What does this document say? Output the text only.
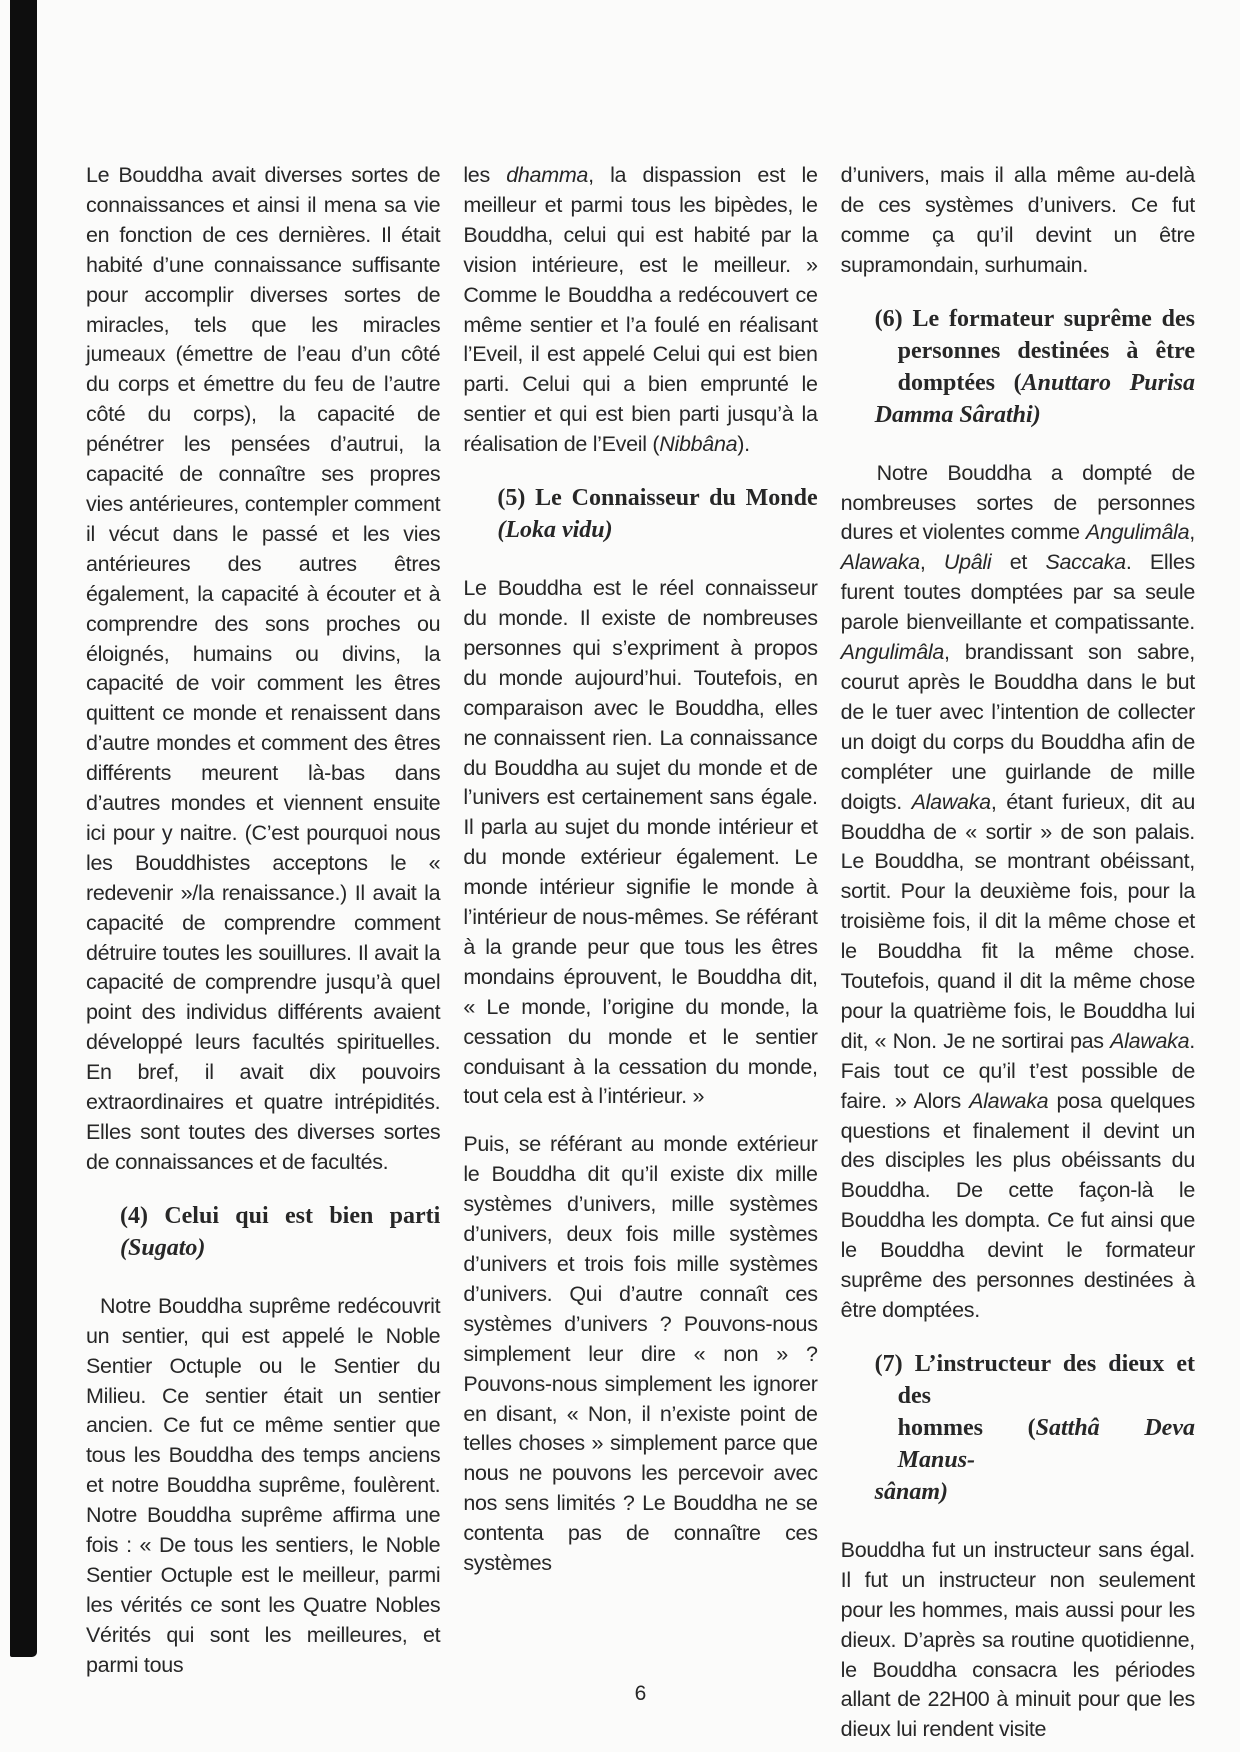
Le Bouddha avait diverses sortes de connaissances et ainsi il mena sa vie en fonction de ces dernières. Il était habité d’une connaissance suffisante pour accomplir diverses sortes de miracles, tels que les miracles jumeaux (émettre de l’eau d’un côté du corps et émettre du feu de l’autre côté du corps), la capacité de pénétrer les pensées d’autrui, la capacité de connaître ses propres vies antérieures, contempler comment il vécut dans le passé et les vies antérieures des autres êtres également, la capacité à écouter et à comprendre des sons proches ou éloignés, humains ou divins, la capacité de voir comment les êtres quittent ce monde et renaissent dans d’autre mondes et comment des êtres différents meurent là-bas dans d’autres mondes et viennent ensuite ici pour y naitre. (C’est pourquoi nous les Bouddhistes acceptons le « redevenir »/la renaissance.) Il avait la capacité de comprendre comment détruire toutes les souillures. Il avait la capacité de comprendre jusqu’à quel point des individus différents avaient développé leurs facultés spirituelles. En bref, il avait dix pouvoirs extraordinaires et quatre intrépidités. Elles sont toutes des diverses sortes de connaissances et de facultés.
(4) Celui qui est bien parti
(Sugato)
Notre Bouddha suprême redécouvrit un sentier, qui est appelé le Noble Sentier Octuple ou le Sentier du Milieu. Ce sentier était un sentier ancien. Ce fut ce même sentier que tous les Bouddha des temps anciens et notre Bouddha suprême, foulèrent. Notre Bouddha suprême affirma une fois : « De tous les sentiers, le Noble Sentier Octuple est le meilleur, parmi les vérités ce sont les Quatre Nobles Vérités qui sont les meilleures, et parmi tous
les dhamma, la dispassion est le meilleur et parmi tous les bipèdes, le Bouddha, celui qui est habité par la vision intérieure, est le meilleur. » Comme le Bouddha a redécouvert ce même sentier et l’a foulé en réalisant l’Eveil, il est appelé Celui qui est bien parti. Celui qui a bien emprunté le sentier et qui est bien parti jusqu’à la réalisation de l’Eveil (Nibbâna).
(5) Le Connaisseur du Monde
(Loka vidu)
Le Bouddha est le réel connaisseur du monde. Il existe de nombreuses personnes qui s’expriment à propos du monde aujourd’hui. Toutefois, en comparaison avec le Bouddha, elles ne connaissent rien. La connaissance du Bouddha au sujet du monde et de l’univers est certainement sans égale. Il parla au sujet du monde intérieur et du monde extérieur également. Le monde intérieur signifie le monde à l’intérieur de nous-mêmes. Se référant à la grande peur que tous les êtres mondains éprouvent, le Bouddha dit, « Le monde, l’origine du monde, la cessation du monde et le sentier conduisant à la cessation du monde, tout cela est à l’intérieur. »
Puis, se référant au monde extérieur le Bouddha dit qu’il existe dix mille systèmes d’univers, mille systèmes d’univers, deux fois mille systèmes d’univers et trois fois mille systèmes d’univers. Qui d’autre connaît ces systèmes d’univers ? Pouvons-nous simplement leur dire « non » ? Pouvons-nous simplement les ignorer en disant, « Non, il n’existe point de telles choses » simplement parce que nous ne pouvons les percevoir avec nos sens limités ? Le Bouddha ne se contenta pas de connaître ces systèmes
d’univers, mais il alla même au-delà de ces systèmes d’univers. Ce fut comme ça qu’il devint un être supramondain, surhumain.
(6) Le formateur suprême des
personnes destinées à être
domptées (Anuttaro Purisa
Damma Sârathi)
Notre Bouddha a dompté de nombreuses sortes de personnes dures et violentes comme Angulimâla, Alawaka, Upâli et Saccaka. Elles furent toutes domptées par sa seule parole bienveillante et compatissante. Angulimâla, brandissant son sabre, courut après le Bouddha dans le but de le tuer avec l’intention de collecter un doigt du corps du Bouddha afin de compléter une guirlande de mille doigts. Alawaka, étant furieux, dit au Bouddha de « sortir » de son palais. Le Bouddha, se montrant obéissant, sortit. Pour la deuxième fois, pour la troisième fois, il dit la même chose et le Bouddha fit la même chose. Toutefois, quand il dit la même chose pour la quatrième fois, le Bouddha lui dit, « Non. Je ne sortirai pas Alawaka. Fais tout ce qu’il t’est possible de faire. » Alors Alawaka posa quelques questions et finalement il devint un des disciples les plus obéissants du Bouddha. De cette façon-là le Bouddha les dompta. Ce fut ainsi que le Bouddha devint le formateur suprême des personnes destinées à être domptées.
(7) L’instructeur des dieux et des
hommes (Satthâ Deva Manus-
sânam)
Bouddha fut un instructeur sans égal. Il fut un instructeur non seulement pour les hommes, mais aussi pour les dieux. D’après sa routine quotidienne, le Bouddha consacra les périodes allant de 22H00 à minuit pour que les dieux lui rendent visite
6
